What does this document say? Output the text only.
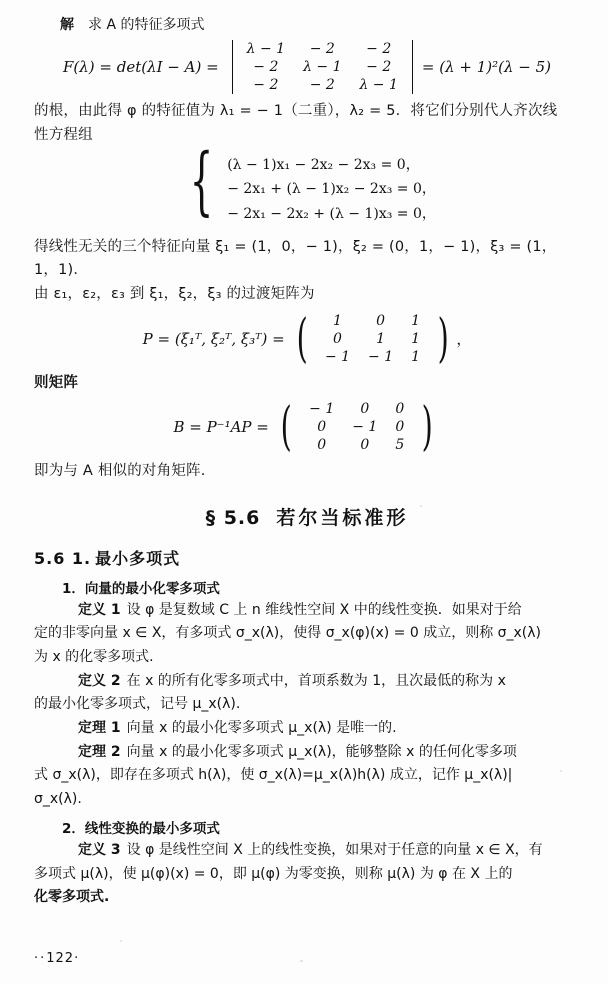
解 求 A 的特征多项式
F(λ) = det(λI − A) =
λ − 1	− 2	− 2
− 2	λ − 1	− 2
− 2	− 2	λ − 1
= (λ + 1)²(λ − 5)

的根，由此得 φ 的特征值为 λ₁ = − 1（二重），λ₂ = 5．将它们分别代人齐次线

性方程组

{ (λ − 1)x₁ − 2x₂ − 2x₃ = 0，
− 2x₁ + (λ − 1)x₂ − 2x₃ = 0，
− 2x₁ − 2x₂ + (λ − 1)x₃ = 0，

得线性无关的三个特征向量 ξ₁ = (1，0，− 1)，ξ₂ = (0，1，− 1)，ξ₃ = (1，1，1)．

由 ε₁，ε₂，ε₃ 到 ξ₁，ξ₂，ξ₃ 的过渡矩阵为

P = (ξ₁ᵀ, ξ₂ᵀ, ξ₃ᵀ) = ( 1	0	1
0	1	1
− 1	− 1	1 ) ，

则矩阵

B = P⁻¹AP = ( − 1	0	0
0	− 1	0
0	0	5 )

即为与 A 相似的对角矩阵.

§ 5.6 若尔当标准形
5.6 1. 最小多项式
1．向量的最小化零多项式

定义 1 设 φ 是复数域 C 上 n 维线性空间 X 中的线性变换．如果对于给

定的非零向量 x ∈ X，有多项式 σ_x(λ)，使得 σ_x(φ)(x) = 0 成立，则称 σ_x(λ)

为 x 的化零多项式.

定义 2 在 x 的所有化零多项式中，首项系数为 1，且次最低的称为 x

的最小化零多项式，记号 μ_x(λ).

定理 1 向量 x 的最小化零多项式 μ_x(λ) 是唯一的.

定理 2 向量 x 的最小化零多项式 μ_x(λ)，能够整除 x 的任何化零多项

式 σ_x(λ)，即存在多项式 h(λ)，使 σ_x(λ)=μ_x(λ)h(λ) 成立，记作 μ_x(λ)|

σ_x(λ).

2．线性变换的最小多项式

定义 3 设 φ 是线性空间 X 上的线性变换，如果对于任意的向量 x ∈ X，有

多项式 μ(λ)，使 μ(φ)(x) = 0，即 μ(φ) 为零变换，则称 μ(λ) 为 φ 在 X 上的

化零多项式.

··122·
